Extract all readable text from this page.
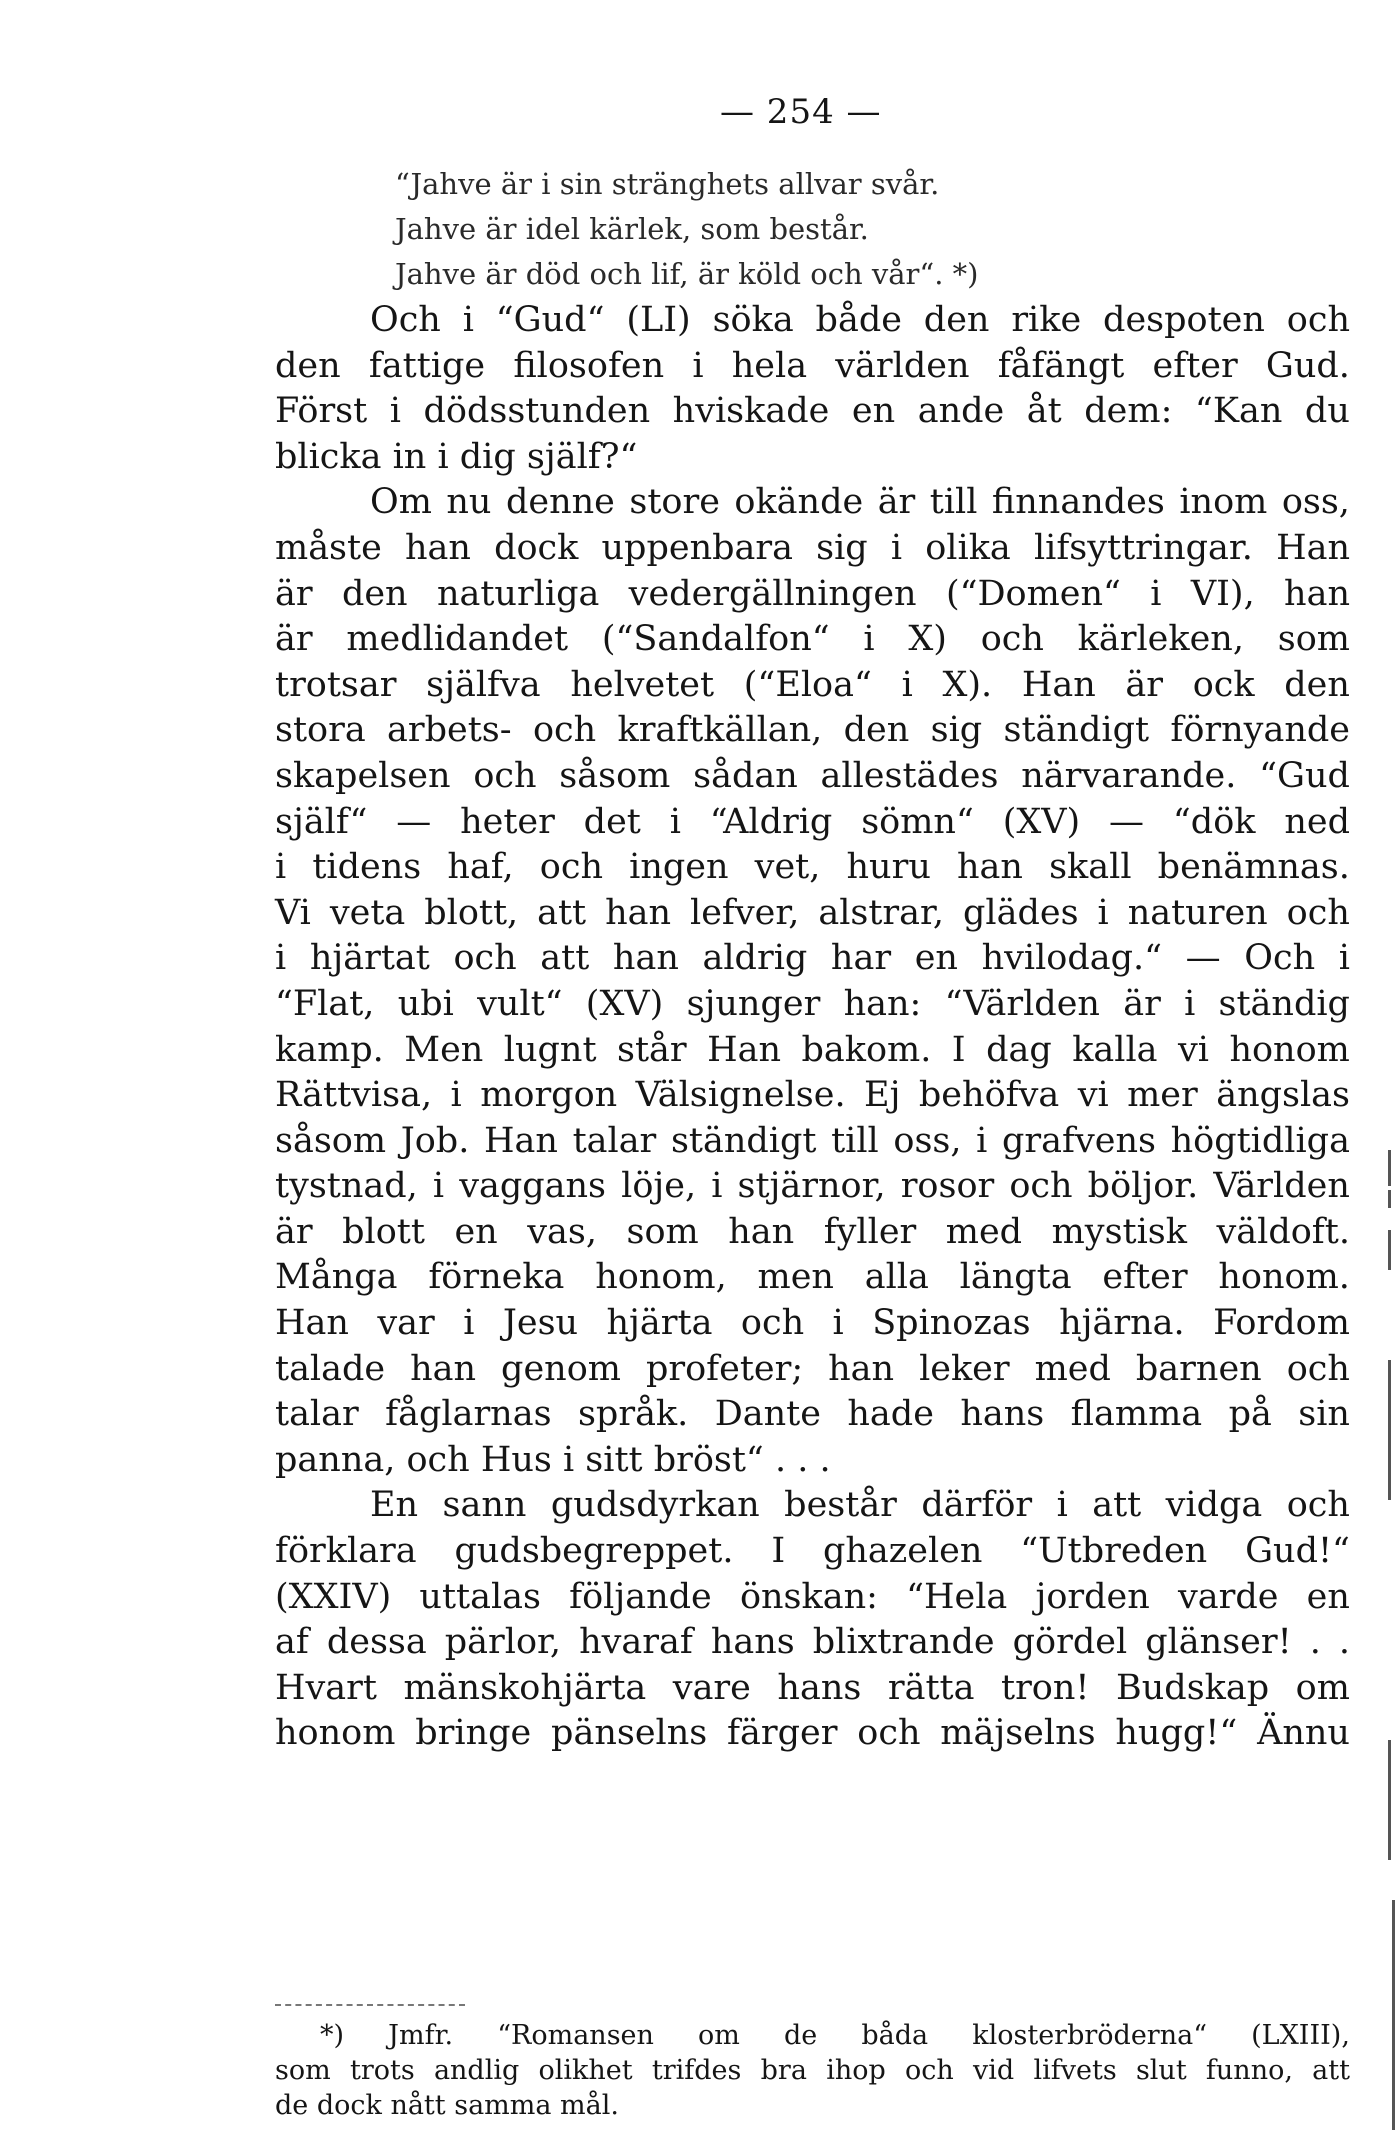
— 254 —
“Jahve är i sin stränghets allvar svår.
Jahve är idel kärlek, som består.
Jahve är död och lif, är köld och vår“. *)
Och i “Gud“ (LI) söka både den rike despoten och
den fattige filosofen i hela världen fåfängt efter Gud.
Först i dödsstunden hviskade en ande åt dem: “Kan du
blicka in i dig själf?“
Om nu denne store okände är till finnandes inom oss,
måste han dock uppenbara sig i olika lifsyttringar. Han
är den naturliga vedergällningen (“Domen“ i VI), han
är medlidandet (“Sandalfon“ i X) och kärleken, som
trotsar själfva helvetet (“Eloa“ i X). Han är ock den
stora arbets- och kraftkällan, den sig ständigt förnyande
skapelsen och såsom sådan allestädes närvarande. “Gud
själf“ — heter det i “Aldrig sömn“ (XV) — “dök ned
i tidens haf, och ingen vet, huru han skall benämnas.
Vi veta blott, att han lefver, alstrar, glädes i naturen och
i hjärtat och att han aldrig har en hvilodag.“ — Och i
“Flat, ubi vult“ (XV) sjunger han: “Världen är i ständig
kamp. Men lugnt står Han bakom. I dag kalla vi honom
Rättvisa, i morgon Välsignelse. Ej behöfva vi mer ängslas
såsom Job. Han talar ständigt till oss, i grafvens högtidliga
tystnad, i vaggans löje, i stjärnor, rosor och böljor. Världen
är blott en vas, som han fyller med mystisk väldoft.
Många förneka honom, men alla längta efter honom.
Han var i Jesu hjärta och i Spinozas hjärna. Fordom
talade han genom profeter; han leker med barnen och
talar fåglarnas språk. Dante hade hans flamma på sin
panna, och Hus i sitt bröst“ . . .
En sann gudsdyrkan består därför i att vidga och
förklara gudsbegreppet. I ghazelen “Utbreden Gud!“
(XXIV) uttalas följande önskan: “Hela jorden varde en
af dessa pärlor, hvaraf hans blixtrande gördel glänser! . .
Hvart mänskohjärta vare hans rätta tron! Budskap om
honom bringe pänselns färger och mäjselns hugg!“ Ännu
*) Jmfr. “Romansen om de båda klosterbröderna“ (LXIII),
som trots andlig olikhet trifdes bra ihop och vid lifvets slut funno, att
de dock nått samma mål.
